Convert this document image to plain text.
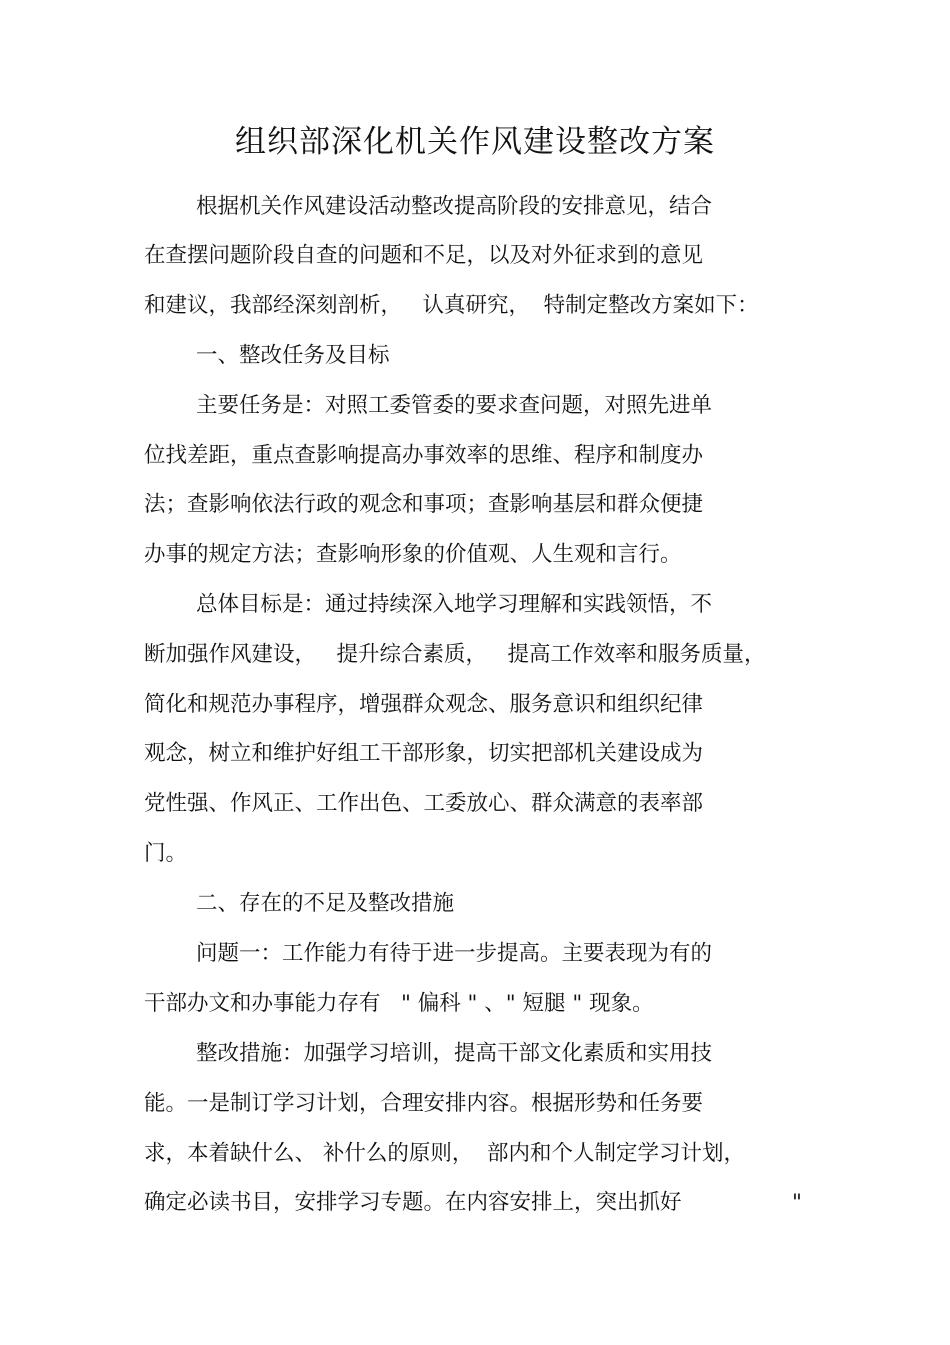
组织部深化机关作风建设整改方案
根据机关作风建设活动整改提高阶段的安排意见，结合
在查摆问题阶段自查的问题和不足，以及对外征求到的意见
和建议，我部经深刻剖析，   认真研究，  特制定整改方案如下：
一、整改任务及目标
主要任务是：对照工委管委的要求查问题，对照先进单
位找差距，重点查影响提高办事效率的思维、程序和制度办
法；查影响依法行政的观念和事项；查影响基层和群众便捷
办事的规定方法；查影响形象的价值观、人生观和言行。
总体目标是：通过持续深入地学习理解和实践领悟，不
断加强作风建设，   提升综合素质，   提高工作效率和服务质量，
简化和规范办事程序，增强群众观念、服务意识和组织纪律
观念，树立和维护好组工干部形象，切实把部机关建设成为
党性强、作风正、工作出色、工委放心、群众满意的表率部
门。
二、存在的不足及整改措施
问题一：工作能力有待于进一步提高。主要表现为有的
干部办文和办事能力存有   " 偏科 " 、" 短腿 " 现象。
整改措施：加强学习培训，提高干部文化素质和实用技
能。一是制订学习计划，合理安排内容。根据形势和任务要
求，本着缺什么、 补什么的原则，  部内和个人制定学习计划，
确定必读书目，安排学习专题。在内容安排上，突出抓好	"
